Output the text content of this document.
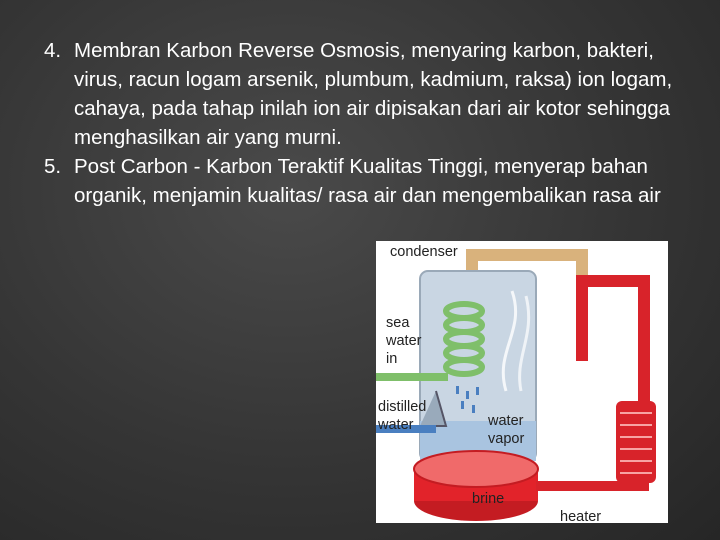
4. Membran Karbon Reverse Osmosis, menyaring karbon, bakteri, virus, racun logam arsenik, plumbum, kadmium, raksa) ion logam, cahaya, pada tahap inilah ion air dipisakan dari air kotor sehingga menghasilkan air yang murni.
5. Post Carbon - Karbon Teraktif Kualitas Tinggi, menyerap bahan organik, menjamin kualitas/ rasa air dan mengembalikan rasa air
condenser
sea
water
in
distilled
water	water
vapor
brine
heater
